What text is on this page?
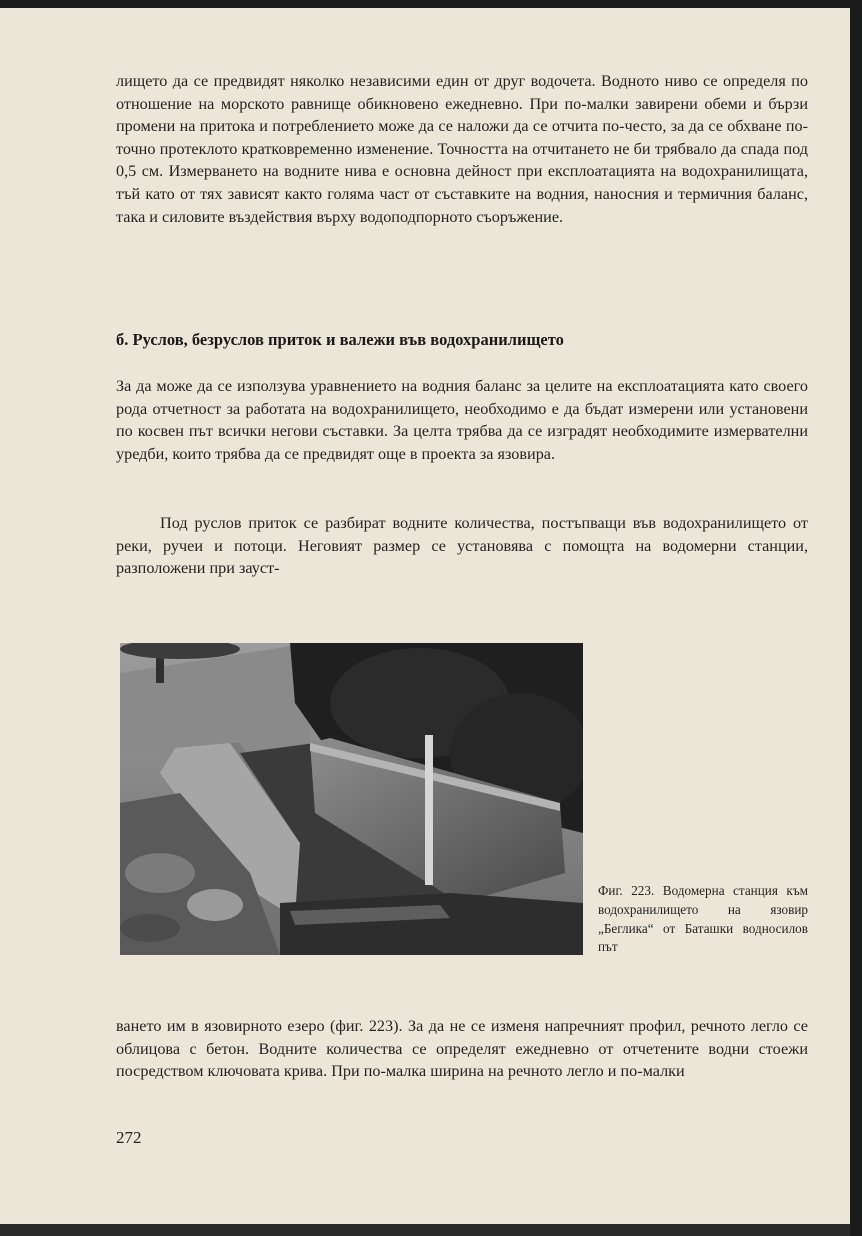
лището да се предвидят няколко независими един от друг водочета. Водното ниво се определя по отношение на морското равнище обикновено ежедневно. При по-малки завирени обеми и бързи промени на притока и потреблението може да се наложи да се отчита по-често, за да се обхване по-точно протеклото кратковременно изменение. Точността на отчитането не би трябвало да спада под 0,5 см. Измерването на водните нива е основна дейност при експлоатацията на водохранилищата, тъй като от тях зависят както голяма част от съставките на водния, наносния и термичния баланс, така и силовите въздействия върху водоподпорното съоръжение.

б. Руслов, безруслов приток и валежи във водохранилището

За да може да се използува уравнението на водния баланс за целите на експлоатацията като своего рода отчетност за работата на водохранилището, необходимо е да бъдат измерени или установени по косвен път всички негови съставки. За целта трябва да се изградят необходимите измервателни уредби, които трябва да се предвидят още в проекта за язовира.

Под руслов приток се разбират водните количества, постъпващи във водохранилището от реки, ручеи и потоци. Неговият размер се установява с помощта на водомерни станции, разположени при зауст-

Фиг. 223. Водомерна станция към водохранилището на язовир „Беглика“ от Баташки водносилов път

ването им в язовирното езеро (фиг. 223). За да не се изменя напречният профил, речното легло се облицова с бетон. Водните количества се определят ежедневно от отчетените водни стоежи посредством ключовата крива. При по-малка ширина на речното легло и по-малки

272
